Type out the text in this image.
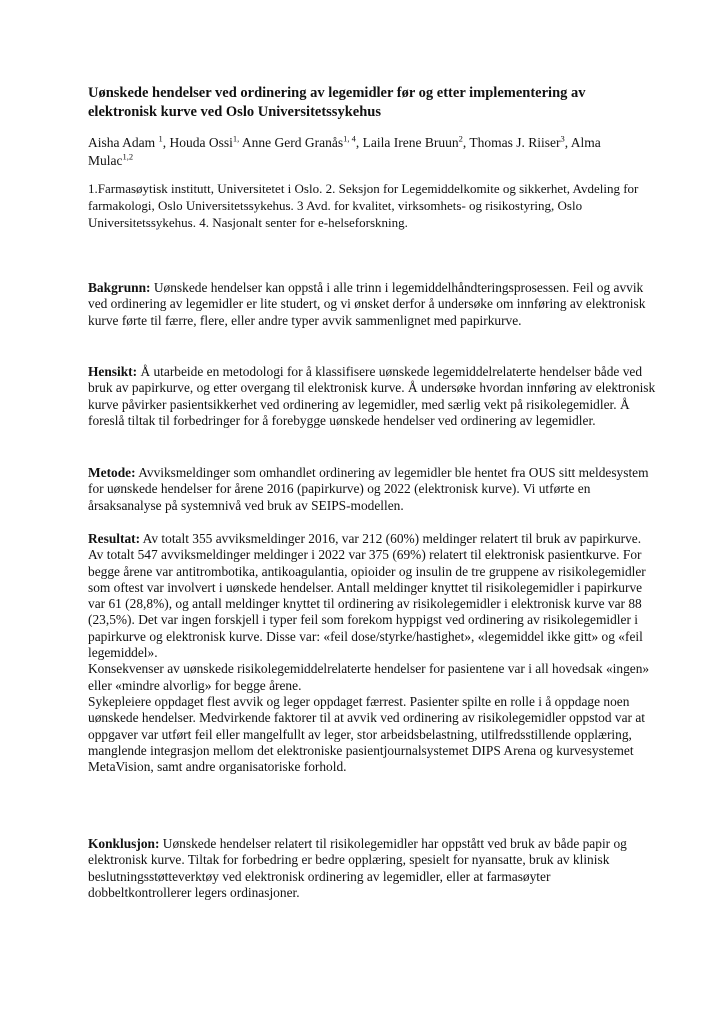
Uønskede hendelser ved ordinering av legemidler før og etter implementering av elektronisk kurve ved Oslo Universitetssykehus
Aisha Adam $^1$, Houda Ossi$^{1,}$ Anne Gerd Granås$^{1, 4}$, Laila Irene Bruun$^2$, Thomas J. Riiser$^3$, Alma Mulac$^{1,2}$
1.Farmasøytisk institutt, Universitetet i Oslo. 2. Seksjon for Legemiddelkomite og sikkerhet, Avdeling for farmakologi, Oslo Universitetssykehus. 3 Avd. for kvalitet, virksomhets- og risikostyring, Oslo Universitetssykehus. 4. Nasjonalt senter for e-helseforskning.

Bakgrunn: Uønskede hendelser kan oppstå i alle trinn i legemiddelhåndteringsprosessen. Feil og avvik ved ordinering av legemidler er lite studert, og vi ønsket derfor å undersøke om innføring av elektronisk kurve førte til færre, flere, eller andre typer avvik sammenlignet med papirkurve.

Hensikt: Å utarbeide en metodologi for å klassifisere uønskede legemiddelrelaterte hendelser både ved bruk av papirkurve, og etter overgang til elektronisk kurve. Å undersøke hvordan innføring av elektronisk kurve påvirker pasientsikkerhet ved ordinering av legemidler, med særlig vekt på risikolegemidler. Å foreslå tiltak til forbedringer for å forebygge uønskede hendelser ved ordinering av legemidler.

Metode: Avviksmeldinger som omhandlet ordinering av legemidler ble hentet fra OUS sitt meldesystem for uønskede hendelser for årene 2016 (papirkurve) og 2022 (elektronisk kurve). Vi utførte en årsaksanalyse på systemnivå ved bruk av SEIPS-modellen.

Resultat: Av totalt 355 avviksmeldinger 2016, var 212 (60%) meldinger relatert til bruk av papirkurve. Av totalt 547 avviksmeldinger meldinger i 2022 var 375 (69%) relatert til elektronisk pasientkurve. For begge årene var antitrombotika, antikoagulantia, opioider og insulin de tre gruppene av risikolegemidler som oftest var involvert i uønskede hendelser. Antall meldinger knyttet til risikolegemidler i papirkurve var 61 (28,8%), og antall meldinger knyttet til ordinering av risikolegemidler i elektronisk kurve var 88 (23,5%). Det var ingen forskjell i typer feil som forekom hyppigst ved ordinering av risikolegemidler i papirkurve og elektronisk kurve. Disse var: «feil dose/styrke/hastighet», «legemiddel ikke gitt» og «feil legemiddel».
Konsekvenser av uønskede risikolegemiddelrelaterte hendelser for pasientene var i all hovedsak «ingen» eller «mindre alvorlig» for begge årene.
Sykepleiere oppdaget flest avvik og leger oppdaget færrest. Pasienter spilte en rolle i å oppdage noen uønskede hendelser. Medvirkende faktorer til at avvik ved ordinering av risikolegemidler oppstod var at oppgaver var utført feil eller mangelfullt av leger, stor arbeidsbelastning, utilfredsstillende opplæring, manglende integrasjon mellom det elektroniske pasientjournalsystemet DIPS Arena og kurvesystemet MetaVision, samt andre organisatoriske forhold.

Konklusjon: Uønskede hendelser relatert til risikolegemidler har oppstått ved bruk av både papir og elektronisk kurve. Tiltak for forbedring er bedre opplæring, spesielt for nyansatte, bruk av klinisk beslutningsstøtteverktøy ved elektronisk ordinering av legemidler, eller at farmasøyter dobbeltkontrollerer legers ordinasjoner.
